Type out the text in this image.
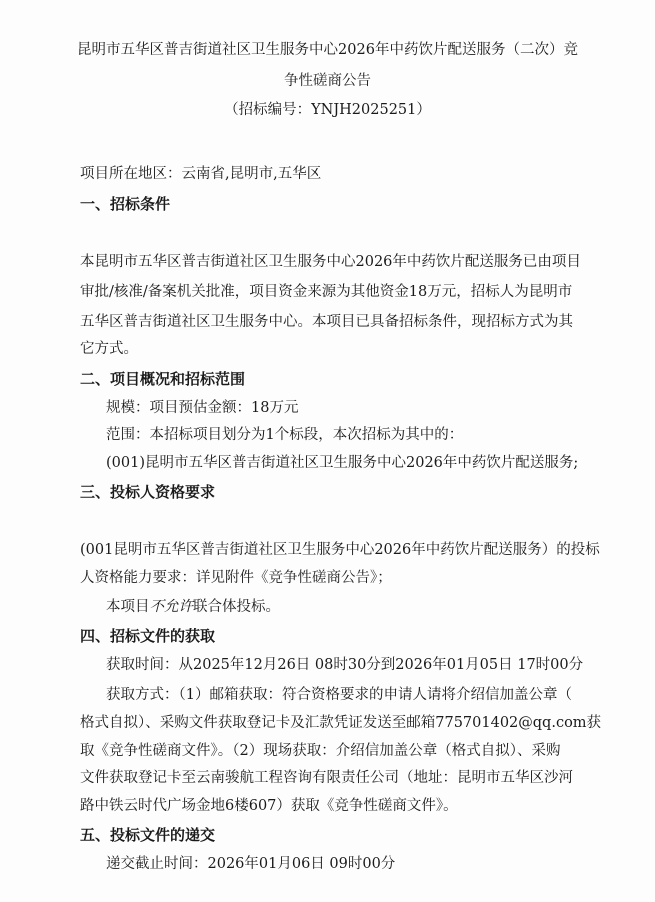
昆明市五华区普吉街道社区卫生服务中心2026年中药饮片配送服务（二次）竞
争性磋商公告
（招标编号：YNJH2025251）
项目所在地区：云南省,昆明市,五华区
一、招标条件
本昆明市五华区普吉街道社区卫生服务中心2026年中药饮片配送服务已由项目
审批/核准/备案机关批准，项目资金来源为其他资金18万元，招标人为昆明市
五华区普吉街道社区卫生服务中心。本项目已具备招标条件，现招标方式为其
它方式。
二、项目概况和招标范围
规模：项目预估金额：18万元
范围：本招标项目划分为1个标段，本次招标为其中的：
(001)昆明市五华区普吉街道社区卫生服务中心2026年中药饮片配送服务;
三、投标人资格要求
(001昆明市五华区普吉街道社区卫生服务中心2026年中药饮片配送服务）的投标
人资格能力要求：详见附件《竞争性磋商公告》；
本项目不允许联合体投标。
四、招标文件的获取
获取时间：从2025年12月26日 08时30分到2026年01月05日 17时00分
获取方式：（1）邮箱获取：符合资格要求的申请人请将介绍信加盖公章（
格式自拟）、采购文件获取登记卡及汇款凭证发送至邮箱775701402@qq.com获
取《竞争性磋商文件》。（2）现场获取：介绍信加盖公章（格式自拟）、采购
文件获取登记卡至云南骏航工程咨询有限责任公司（地址：昆明市五华区沙河
路中铁云时代广场金地6楼607）获取《竞争性磋商文件》。
五、投标文件的递交
递交截止时间：2026年01月06日 09时00分
